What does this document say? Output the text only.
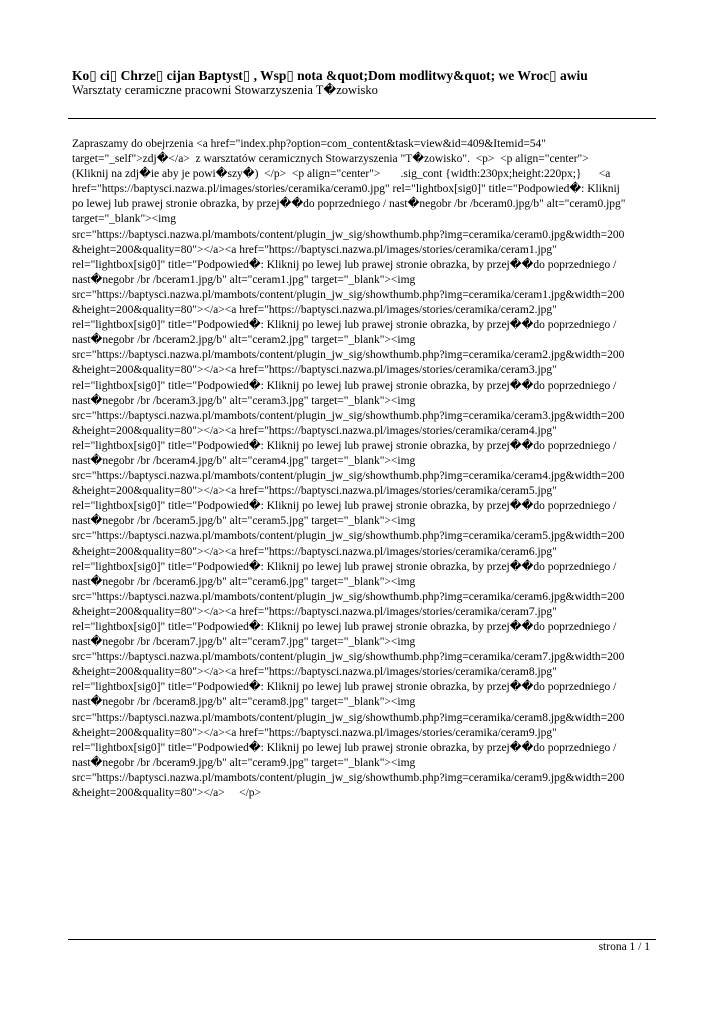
Ko▯ ci▯ Chrze▯ cijan Baptyst▯ , Wsp▯ nota &quot;Dom modlitwy&quot; we Wroc▯ awiu
Warsztaty ceramiczne pracowni Stowarzyszenia T�zowisko
Zapraszamy do obejrzenia <a href="index.php?option=com_content&task=view&id=409&Itemid=54"
target="_self">zdj�</a>  z warsztatów ceramicznych Stowarzyszenia "T�zowisko".  <p>  <p align="center">
(Kliknij na zdj�ie aby je powi�szy�)  </p>  <p align="center">       .sig_cont {width:230px;height:220px;}      <a
href="https://baptysci.nazwa.pl/images/stories/ceramika/ceram0.jpg" rel="lightbox[sig0]" title="Podpowied�: Kliknij
po lewej lub prawej stronie obrazka, by przej��do poprzedniego / nast�negobr /br /bceram0.jpg/b" alt="ceram0.jpg"
target="_blank"><img
src="https://baptysci.nazwa.pl/mambots/content/plugin_jw_sig/showthumb.php?img=ceramika/ceram0.jpg&width=200
&height=200&quality=80"></a><a href="https://baptysci.nazwa.pl/images/stories/ceramika/ceram1.jpg"
rel="lightbox[sig0]" title="Podpowied�: Kliknij po lewej lub prawej stronie obrazka, by przej��do poprzedniego /
nast�negobr /br /bceram1.jpg/b" alt="ceram1.jpg" target="_blank"><img
src="https://baptysci.nazwa.pl/mambots/content/plugin_jw_sig/showthumb.php?img=ceramika/ceram1.jpg&width=200
&height=200&quality=80"></a><a href="https://baptysci.nazwa.pl/images/stories/ceramika/ceram2.jpg"
rel="lightbox[sig0]" title="Podpowied�: Kliknij po lewej lub prawej stronie obrazka, by przej��do poprzedniego /
nast�negobr /br /bceram2.jpg/b" alt="ceram2.jpg" target="_blank"><img
src="https://baptysci.nazwa.pl/mambots/content/plugin_jw_sig/showthumb.php?img=ceramika/ceram2.jpg&width=200
&height=200&quality=80"></a><a href="https://baptysci.nazwa.pl/images/stories/ceramika/ceram3.jpg"
rel="lightbox[sig0]" title="Podpowied�: Kliknij po lewej lub prawej stronie obrazka, by przej��do poprzedniego /
nast�negobr /br /bceram3.jpg/b" alt="ceram3.jpg" target="_blank"><img
src="https://baptysci.nazwa.pl/mambots/content/plugin_jw_sig/showthumb.php?img=ceramika/ceram3.jpg&width=200
&height=200&quality=80"></a><a href="https://baptysci.nazwa.pl/images/stories/ceramika/ceram4.jpg"
rel="lightbox[sig0]" title="Podpowied�: Kliknij po lewej lub prawej stronie obrazka, by przej��do poprzedniego /
nast�negobr /br /bceram4.jpg/b" alt="ceram4.jpg" target="_blank"><img
src="https://baptysci.nazwa.pl/mambots/content/plugin_jw_sig/showthumb.php?img=ceramika/ceram4.jpg&width=200
&height=200&quality=80"></a><a href="https://baptysci.nazwa.pl/images/stories/ceramika/ceram5.jpg"
rel="lightbox[sig0]" title="Podpowied�: Kliknij po lewej lub prawej stronie obrazka, by przej��do poprzedniego /
nast�negobr /br /bceram5.jpg/b" alt="ceram5.jpg" target="_blank"><img
src="https://baptysci.nazwa.pl/mambots/content/plugin_jw_sig/showthumb.php?img=ceramika/ceram5.jpg&width=200
&height=200&quality=80"></a><a href="https://baptysci.nazwa.pl/images/stories/ceramika/ceram6.jpg"
rel="lightbox[sig0]" title="Podpowied�: Kliknij po lewej lub prawej stronie obrazka, by przej��do poprzedniego /
nast�negobr /br /bceram6.jpg/b" alt="ceram6.jpg" target="_blank"><img
src="https://baptysci.nazwa.pl/mambots/content/plugin_jw_sig/showthumb.php?img=ceramika/ceram6.jpg&width=200
&height=200&quality=80"></a><a href="https://baptysci.nazwa.pl/images/stories/ceramika/ceram7.jpg"
rel="lightbox[sig0]" title="Podpowied�: Kliknij po lewej lub prawej stronie obrazka, by przej��do poprzedniego /
nast�negobr /br /bceram7.jpg/b" alt="ceram7.jpg" target="_blank"><img
src="https://baptysci.nazwa.pl/mambots/content/plugin_jw_sig/showthumb.php?img=ceramika/ceram7.jpg&width=200
&height=200&quality=80"></a><a href="https://baptysci.nazwa.pl/images/stories/ceramika/ceram8.jpg"
rel="lightbox[sig0]" title="Podpowied�: Kliknij po lewej lub prawej stronie obrazka, by przej��do poprzedniego /
nast�negobr /br /bceram8.jpg/b" alt="ceram8.jpg" target="_blank"><img
src="https://baptysci.nazwa.pl/mambots/content/plugin_jw_sig/showthumb.php?img=ceramika/ceram8.jpg&width=200
&height=200&quality=80"></a><a href="https://baptysci.nazwa.pl/images/stories/ceramika/ceram9.jpg"
rel="lightbox[sig0]" title="Podpowied�: Kliknij po lewej lub prawej stronie obrazka, by przej��do poprzedniego /
nast�negobr /br /bceram9.jpg/b" alt="ceram9.jpg" target="_blank"><img
src="https://baptysci.nazwa.pl/mambots/content/plugin_jw_sig/showthumb.php?img=ceramika/ceram9.jpg&width=200
&height=200&quality=80"></a>     </p>
strona 1 / 1
